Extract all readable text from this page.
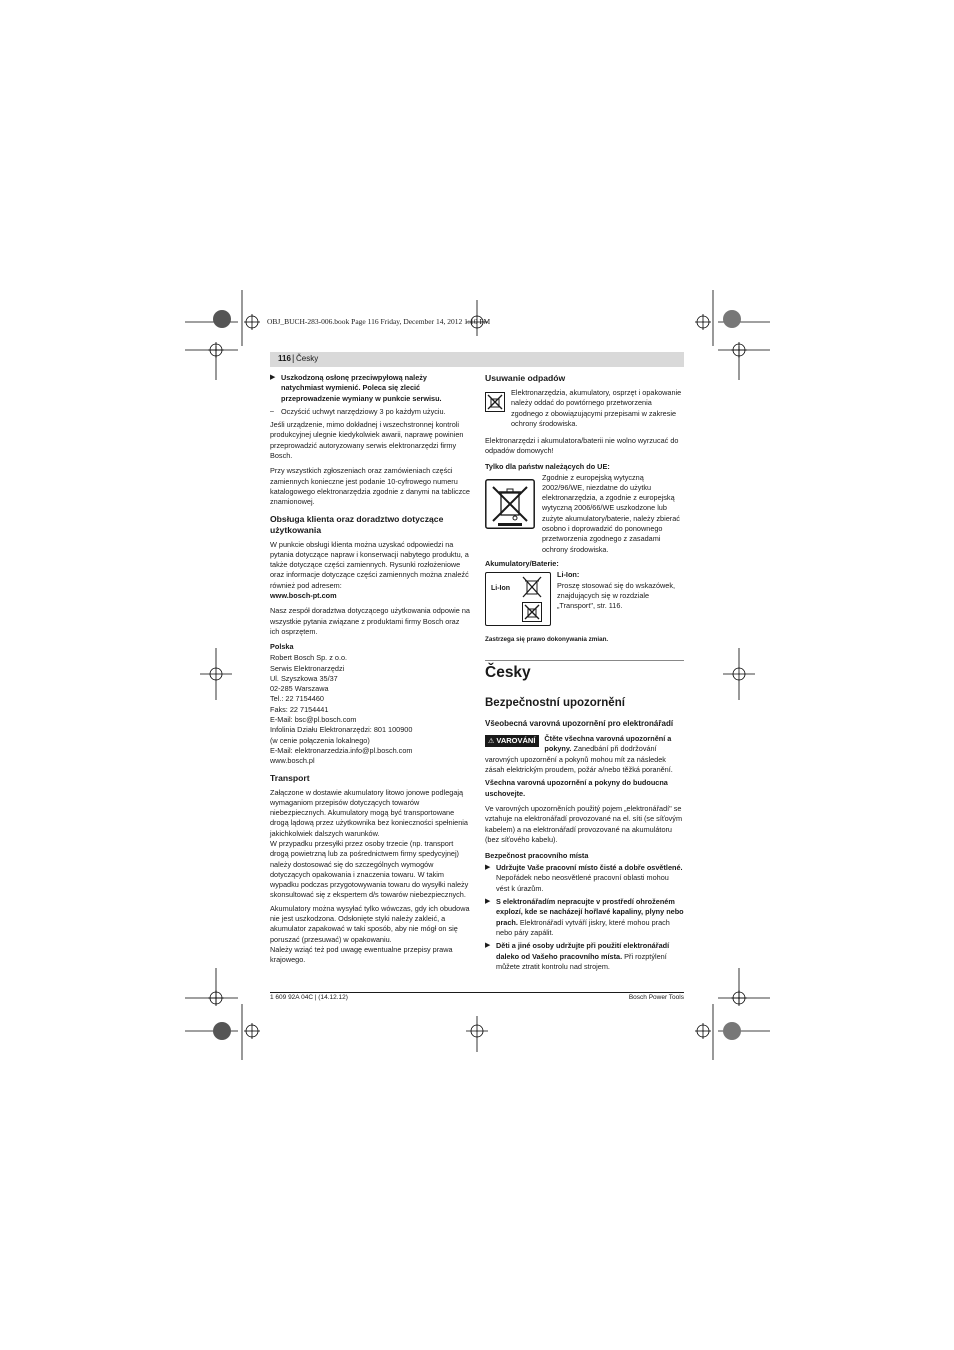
OBJ_BUCH-283-006.book Page 116 Friday, December 14, 2012 1:10 PM
116 | Česky
▶ Uszkodzoną osłonę przeciwpyłową należy natychmiast wymienić. Poleca się zlecić przeprowadzenie wymiany w punkcie serwisu.
– Oczyścić uchwyt narzędziowy 3 po każdym użyciu.

Jeśli urządzenie, mimo dokładnej i wszechstronnej kontroli produkcyjnej ulegnie kiedykolwiek awarii, naprawę powinien przeprowadzić autoryzowany serwis elektronarzędzi firmy Bosch.

Przy wszystkich zgłoszeniach oraz zamówieniach części zamiennych konieczne jest podanie 10-cyfrowego numeru katalogowego elektronarzędzia zgodnie z danymi na tabliczce znamionowej.

Obsługa klienta oraz doradztwo dotyczące użytkowania

W punkcie obsługi klienta można uzyskać odpowiedzi na pytania dotyczące napraw i konserwacji nabytego produktu, a także dotyczące części zamiennych. Rysunki rozłożeniowe oraz informacje dotyczące części zamiennych można znaleźć również pod adresem:

www.bosch-pt.com

Nasz zespół doradztwa dotyczącego użytkowania odpowie na wszystkie pytania związane z produktami firmy Bosch oraz ich osprzętem.

Polska
Robert Bosch Sp. z o.o.
Serwis Elektronarzędzi
Ul. Szyszkowa 35/37
02-285 Warszawa
Tel.: 22 7154460
Faks: 22 7154441
E-Mail: bsc@pl.bosch.com
Infolinia Działu Elektronarzędzi: 801 100900
(w cenie połączenia lokalnego)
E-Mail: elektronarzedzia.info@pl.bosch.com
www.bosch.pl
Transport

Załączone w dostawie akumulatory litowo jonowe podlegają wymaganiom przepisów dotyczących towarów niebezpiecznych. Akumulatory mogą być transportowane drogą lądową przez użytkownika bez konieczności spełnienia jakichkolwiek dalszych warunków.

W przypadku przesyłki przez osoby trzecie (np. transport drogą powietrzną lub za pośrednictwem firmy spedycyjnej) należy dostosować się do szczególnych wymogów dotyczących opakowania i znaczenia towaru. W takim wypadku podczas przygotowywania towaru do wysyłki należy skonsultować się z ekspertem d/s towarów niebezpiecznych.

Akumulatory można wysyłać tylko wówczas, gdy ich obudowa nie jest uszkodzona. Odsłonięte styki należy zakleić, a akumulator zapakować w taki sposób, aby nie mógł on się poruszać (przesuwać) w opakowaniu.

Należy wziąć też pod uwagę ewentualne przepisy prawa krajowego.

Usuwanie odpadów

Elektronarzędzia, akumulatory, osprzęt i opakowanie należy oddać do powtórnego przetworzenia zgodnego z obowiązującymi przepisami w zakresie ochrony środowiska.

Elektronarzędzi i akumulatora/baterii nie wolno wyrzucać do odpadów domowych!

Tylko dla państw należących do UE:

Zgodnie z europejską wytyczną 2002/96/WE, niezdatne do użytku elektronarzędzia, a zgodnie z europejską wytyczną 2006/66/WE uszkodzone lub zużyte akumulatory/baterie, należy zbierać osobno i doprowadzić do ponownego przetworzenia zgodnego z zasadami ochrony środowiska.

Akumulatory/Baterie:
Li-Ion
Li-Ion:

Proszę stosować się do wskazówek, znajdujących się w rozdziale „Transport", str. 116.

Zastrzega się prawo dokonywania zmian.
Česky
Bezpečnostní upozornění
Všeobecná varovná upozornění pro elektronářadí
⚠ VAROVÁNÍ	Čtěte všechna varovná upozornění a pokyny. Zanedbání při dodržování varovných upozornění a pokynů mohou mít za následek zásah elektrickým proudem, požár a/nebo těžká poranění.

Všechna varovná upozornění a pokyny do budoucna uschovejte.

Ve varovných upozorněních použitý pojem „elektronářadí" se vztahuje na elektronářadí provozované na el. síti (se síťovým kabelem) a na elektronářadí provozované na akumulátoru (bez síťového kabelu).

Bezpečnost pracovního místa
▶ Udržujte Vaše pracovní místo čisté a dobře osvětlené. Nepořádek nebo neosvětlené pracovní oblasti mohou vést k úrazům.
▶ S elektronářadím nepracujte v prostředí ohroženém explozí, kde se nacházejí hořlavé kapaliny, plyny nebo prach. Elektronářadí vytváří jiskry, které mohou prach nebo páry zapálit.
▶ Děti a jiné osoby udržujte při použití elektronářadí daleko od Vašeho pracovního místa. Při rozptýlení můžete ztratit kontrolu nad strojem.
1 609 92A 04C | (14.12.12)	Bosch Power Tools
